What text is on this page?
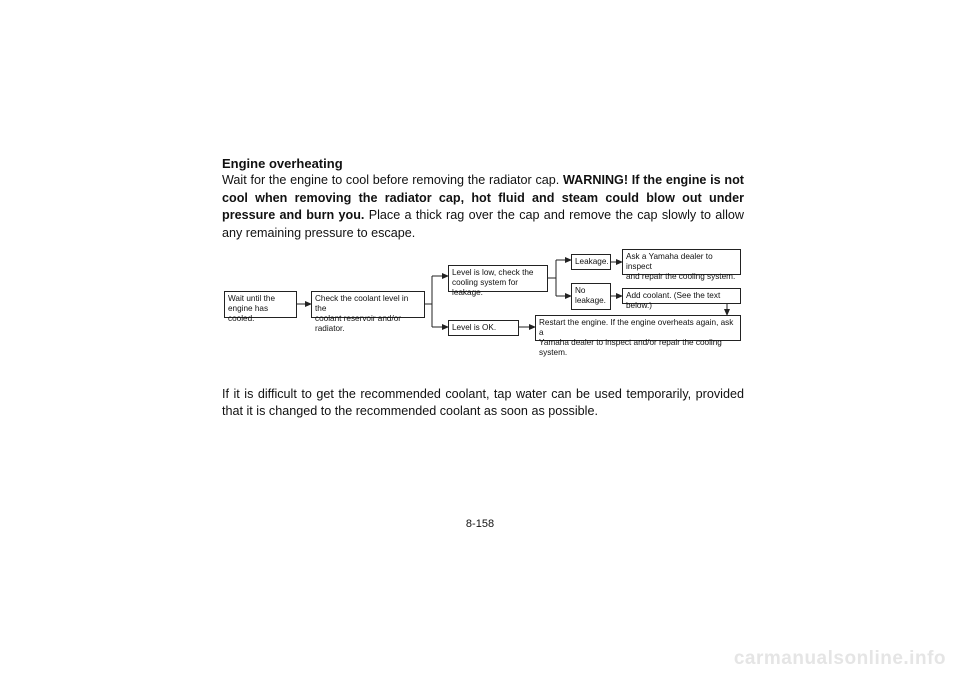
Engine overheating
Wait for the engine to cool before removing the radiator cap. WARNING! If the engine is not cool when removing the radiator cap, hot fluid and steam could blow out under pressure and burn you. Place a thick rag over the cap and remove the cap slowly to allow any remaining pressure to escape.
Wait until the
engine has cooled.
Check the coolant level in the
coolant reservoir and/or radiator.
Level is low, check the
cooling system for leakage.
Leakage.
Ask a Yamaha dealer to inspect
and repair the cooling system.
No
leakage.
Add coolant. (See the text below.)
Level is OK.
Restart the engine. If the engine overheats again, ask a
Yamaha dealer to inspect and/or repair the cooling system.
If it is difficult to get the recommended coolant, tap water can be used temporarily, provided that it is changed to the recommended coolant as soon as possible.
8-158
carmanualsonline.info
